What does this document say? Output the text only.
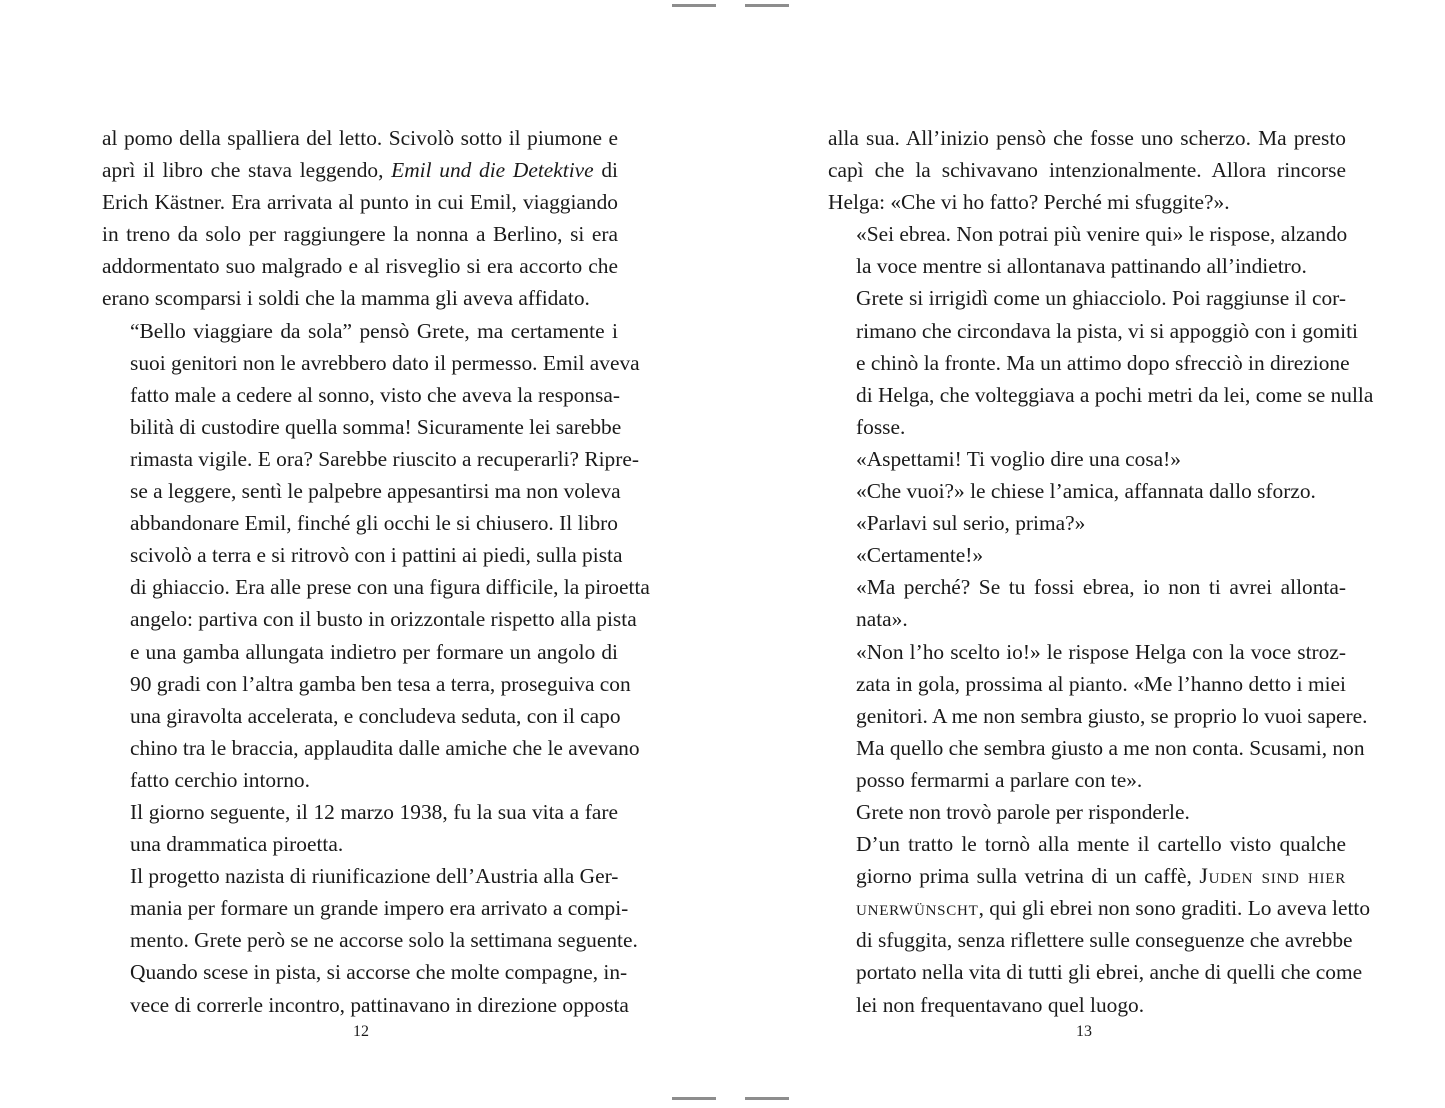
al pomo della spalliera del letto. Scivolò sotto il piumone e
aprì il libro che stava leggendo, Emil und die Detektive di
Erich Kästner. Era arrivata al punto in cui Emil, viaggiando
in treno da solo per raggiungere la nonna a Berlino, si era
addormentato suo malgrado e al risveglio si era accorto che
erano scomparsi i soldi che la mamma gli aveva affidato.

“Bello viaggiare da sola” pensò Grete, ma certamente i
suoi genitori non le avrebbero dato il permesso. Emil aveva
fatto male a cedere al sonno, visto che aveva la responsa-
bilità di custodire quella somma! Sicuramente lei sarebbe
rimasta vigile. E ora? Sarebbe riuscito a recuperarli? Ripre-
se a leggere, sentì le palpebre appesantirsi ma non voleva
abbandonare Emil, finché gli occhi le si chiusero. Il libro
scivolò a terra e si ritrovò con i pattini ai piedi, sulla pista
di ghiaccio. Era alle prese con una figura difficile, la piroetta
angelo: partiva con il busto in orizzontale rispetto alla pista
e una gamba allungata indietro per formare un angolo di
90 gradi con l’altra gamba ben tesa a terra, proseguiva con
una giravolta accelerata, e concludeva seduta, con il capo
chino tra le braccia, applaudita dalle amiche che le avevano
fatto cerchio intorno.

Il giorno seguente, il 12 marzo 1938, fu la sua vita a fare
una drammatica piroetta.

Il progetto nazista di riunificazione dell’Austria alla Ger-
mania per formare un grande impero era arrivato a compi-
mento. Grete però se ne accorse solo la settimana seguente.
Quando scese in pista, si accorse che molte compagne, in-
vece di correrle incontro, pattinavano in direzione opposta

12

alla sua. All’inizio pensò che fosse uno scherzo. Ma presto
capì che la schivavano intenzionalmente. Allora rincorse
Helga: «Che vi ho fatto? Perché mi sfuggite?».

«Sei ebrea. Non potrai più venire qui» le rispose, alzando
la voce mentre si allontanava pattinando all’indietro.

Grete si irrigidì come un ghiacciolo. Poi raggiunse il cor-
rimano che circondava la pista, vi si appoggiò con i gomiti
e chinò la fronte. Ma un attimo dopo sfrecciò in direzione
di Helga, che volteggiava a pochi metri da lei, come se nulla
fosse.

«Aspettami! Ti voglio dire una cosa!»

«Che vuoi?» le chiese l’amica, affannata dallo sforzo.

«Parlavi sul serio, prima?»

«Certamente!»

«Ma perché? Se tu fossi ebrea, io non ti avrei allonta-
nata».

«Non l’ho scelto io!» le rispose Helga con la voce stroz-
zata in gola, prossima al pianto. «Me l’hanno detto i miei
genitori. A me non sembra giusto, se proprio lo vuoi sapere.
Ma quello che sembra giusto a me non conta. Scusami, non
posso fermarmi a parlare con te».

Grete non trovò parole per risponderle.

D’un tratto le tornò alla mente il cartello visto qualche
giorno prima sulla vetrina di un caffè, Juden sind hier
unerwünscht, qui gli ebrei non sono graditi. Lo aveva letto
di sfuggita, senza riflettere sulle conseguenze che avrebbe
portato nella vita di tutti gli ebrei, anche di quelli che come
lei non frequentavano quel luogo.

13
